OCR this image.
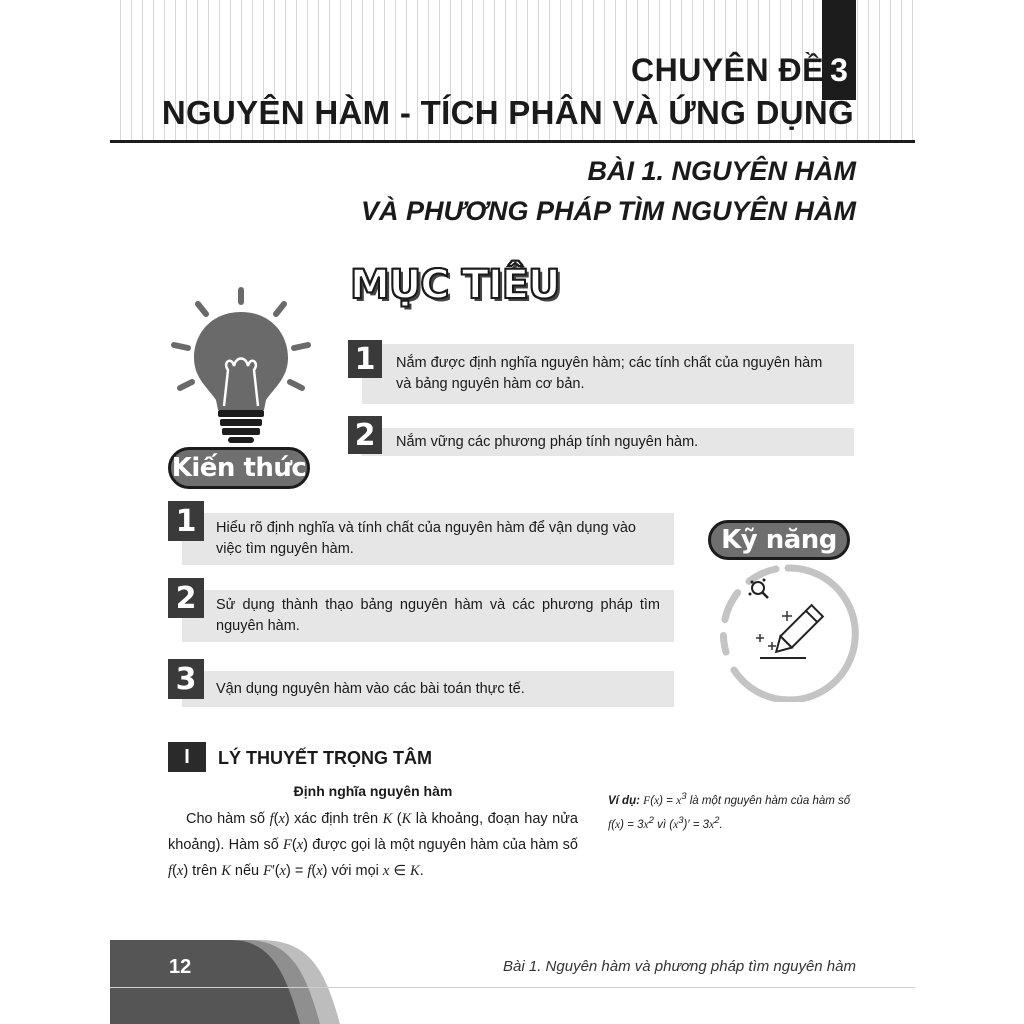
CHUYÊN ĐỀ 3
NGUYÊN HÀM - TÍCH PHÂN VÀ ỨNG DỤNG
BÀI 1. NGUYÊN HÀM
VÀ PHƯƠNG PHÁP TÌM NGUYÊN HÀM
MỤC TIÊU
Kiến thức
Nắm được định nghĩa nguyên hàm; các tính chất của nguyên hàm và bảng nguyên hàm cơ bản.
1
Nắm vững các phương pháp tính nguyên hàm.
2
Hiểu rõ định nghĩa và tính chất của nguyên hàm để vận dụng vào việc tìm nguyên hàm.
1
Sử dụng thành thạo bảng nguyên hàm và các phương pháp tìm nguyên hàm.
2
Vận dụng nguyên hàm vào các bài toán thực tế.
3
Kỹ năng
I	LÝ THUYẾT TRỌNG TÂM
Định nghĩa nguyên hàm
Cho hàm số f(x) xác định trên K (K là khoảng, đoạn hay nửa khoảng). Hàm số F(x) được gọi là một nguyên hàm của hàm số f(x) trên K nếu F′(x) = f(x) với mọi x ∈ K.
Ví dụ: $F(x) = x^3$ là một nguyên hàm của hàm số $f(x) = 3x^2$ vì $(x^3)' = 3x^2$.
12	Bài 1. Nguyên hàm và phương pháp tìm nguyên hàm
